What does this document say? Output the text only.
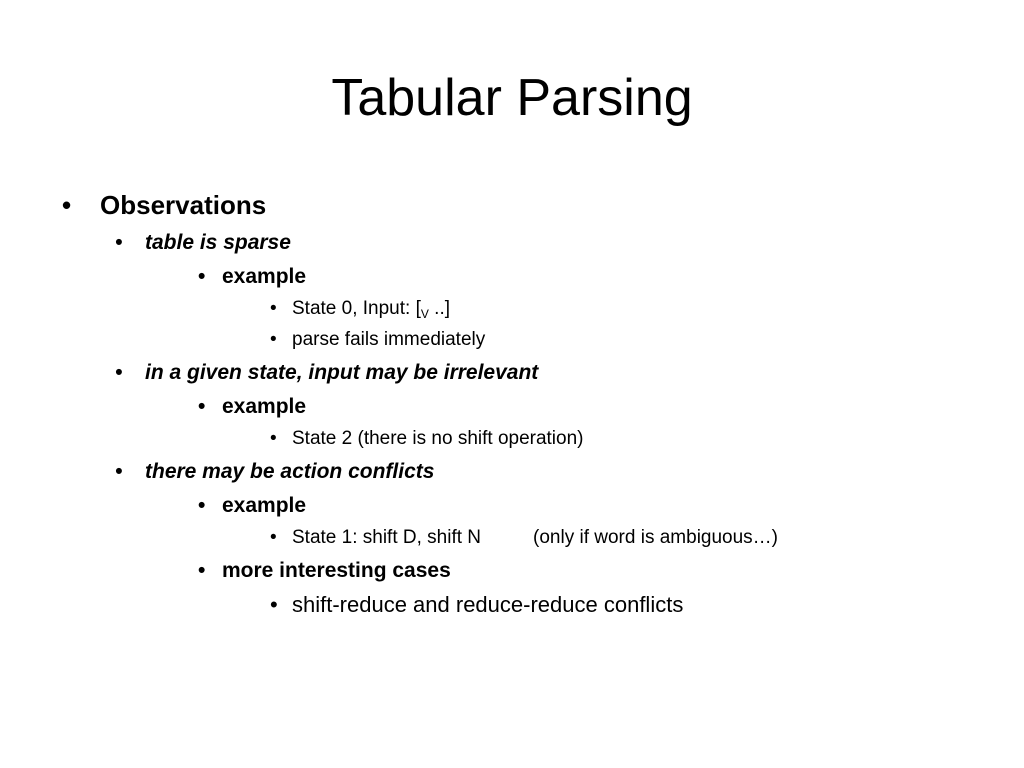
Tabular Parsing
• Observations
• table is sparse
• example
• State 0, Input: [$_V$ ..]
• parse fails immediately
• in a given state, input may be irrelevant
• example
• State 2 (there is no shift operation)
• there may be action conflicts
• example
• State 1: shift D, shift N	(only if word is ambiguous…)
• more interesting cases
• shift-reduce and reduce-reduce conflicts
